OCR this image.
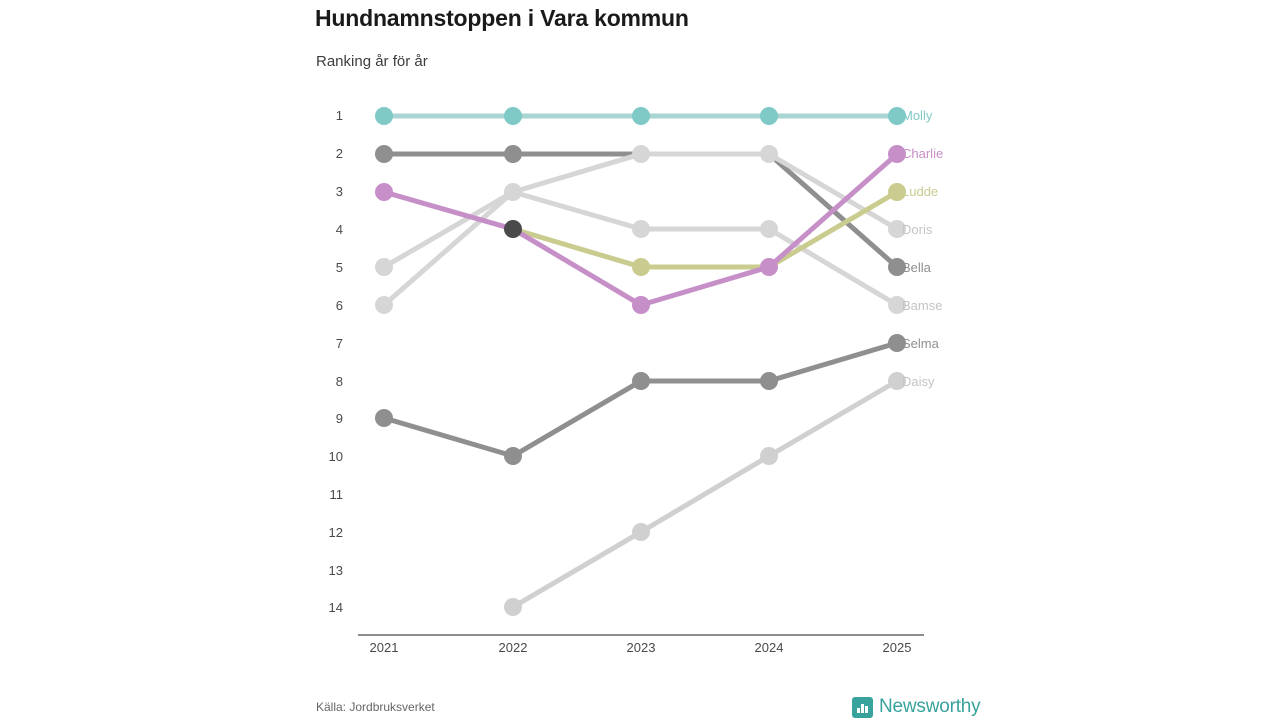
Hundnamnstoppen i Vara kommun
Ranking år för år
1
2
3
4
5
6
7
8
9
10
11
12
13
14
2021	2022	2023	2024	2025
Molly
Charlie
Ludde
Doris
Bella
Bamse
Selma
Daisy
Källa: Jordbruksverket	Newsworthy
